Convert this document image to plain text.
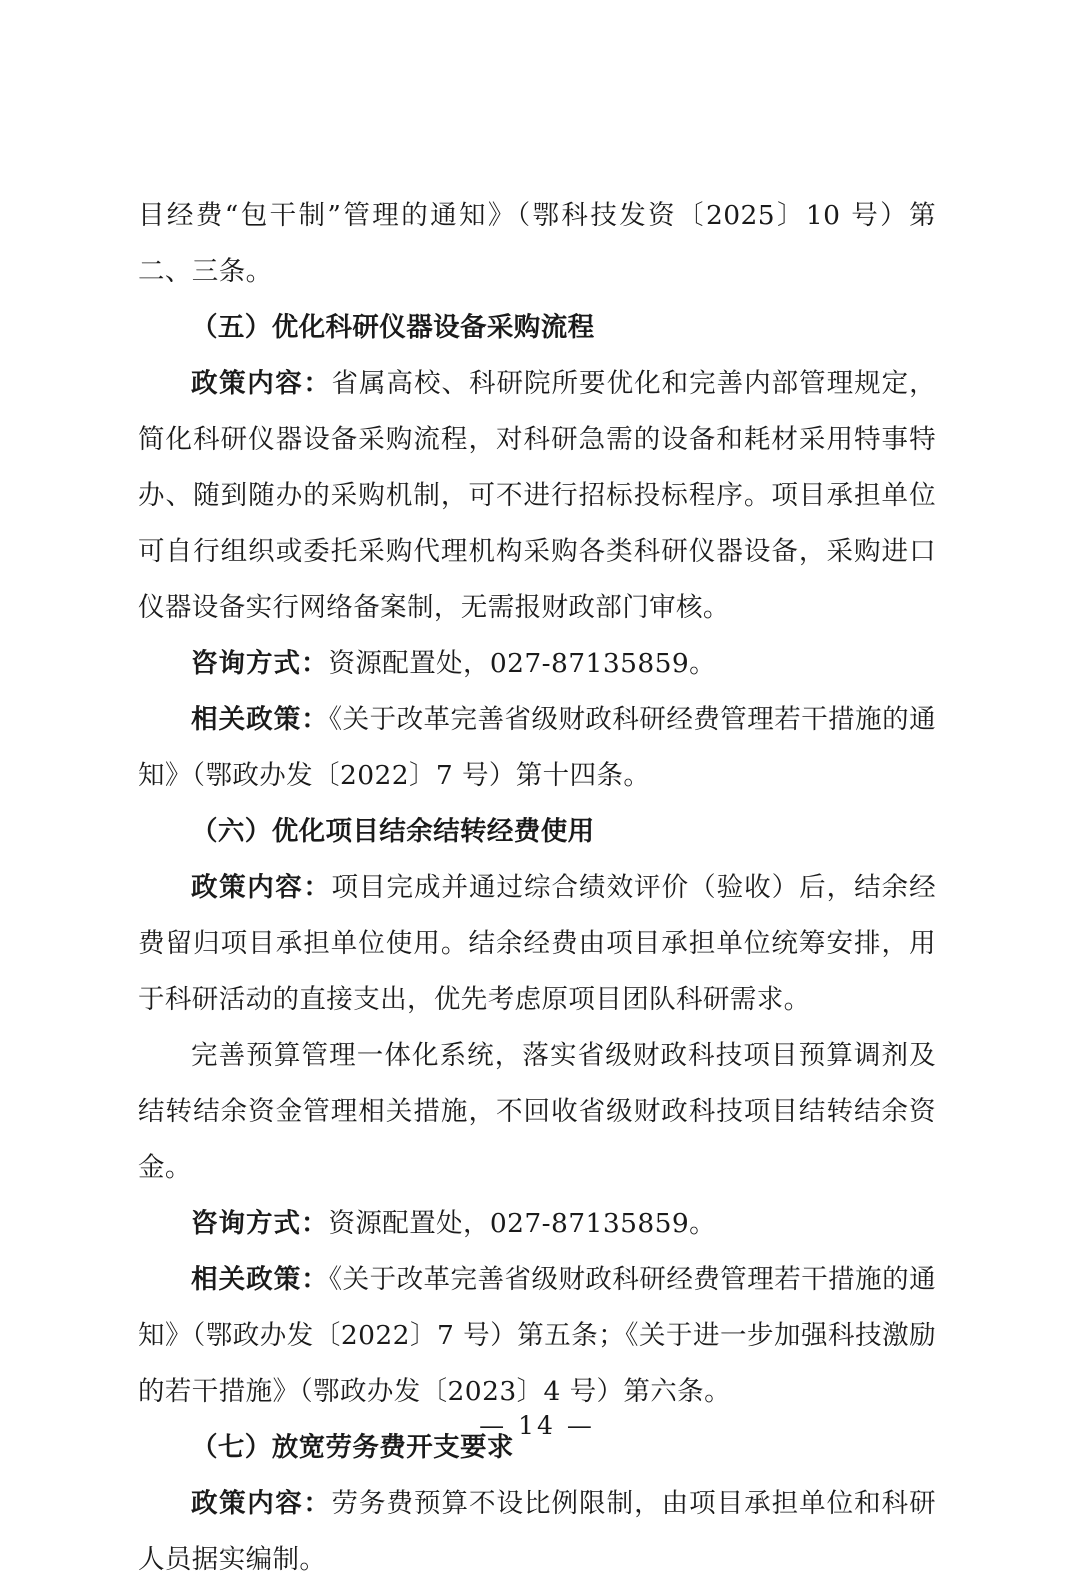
目经费“包干制”管理的通知》（鄂科技发资〔2025〕10 号）第二、三条。

（五）优化科研仪器设备采购流程

政策内容：省属高校、科研院所要优化和完善内部管理规定，简化科研仪器设备采购流程，对科研急需的设备和耗材采用特事特办、随到随办的采购机制，可不进行招标投标程序。项目承担单位可自行组织或委托采购代理机构采购各类科研仪器设备，采购进口仪器设备实行网络备案制，无需报财政部门审核。

咨询方式：资源配置处，027-87135859。

相关政策：《关于改革完善省级财政科研经费管理若干措施的通知》（鄂政办发〔2022〕7 号）第十四条。

（六）优化项目结余结转经费使用

政策内容：项目完成并通过综合绩效评价（验收）后，结余经费留归项目承担单位使用。结余经费由项目承担单位统筹安排，用于科研活动的直接支出，优先考虑原项目团队科研需求。

完善预算管理一体化系统，落实省级财政科技项目预算调剂及结转结余资金管理相关措施，不回收省级财政科技项目结转结余资金。

咨询方式：资源配置处，027-87135859。

相关政策：《关于改革完善省级财政科研经费管理若干措施的通知》（鄂政办发〔2022〕7 号）第五条；《关于进一步加强科技激励的若干措施》（鄂政办发〔2023〕4 号）第六条。

（七）放宽劳务费开支要求

政策内容：劳务费预算不设比例限制，由项目承担单位和科研人员据实编制。

— 14 —
